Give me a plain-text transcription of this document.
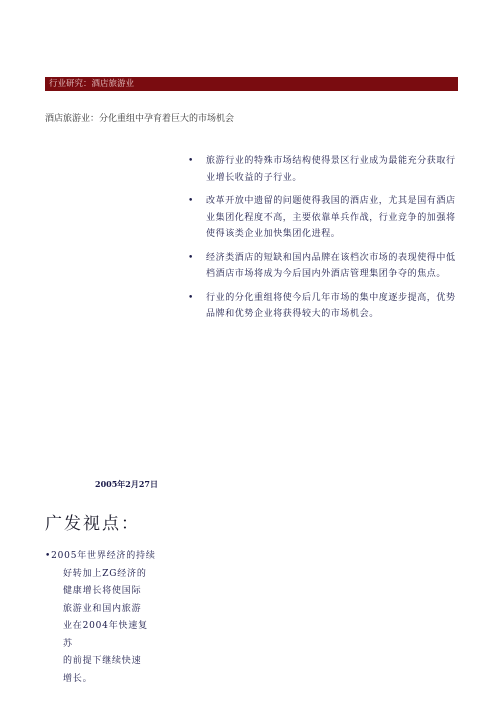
行业研究：酒店旅游业
酒店旅游业：分化重组中孕育着巨大的市场机会
• 旅游行业的特殊市场结构使得景区行业成为最能充分获取行业增长收益的子行业。
• 改革开放中遗留的问题使得我国的酒店业，尤其是国有酒店业集团化程度不高，主要依靠单兵作战，行业竞争的加强将使得该类企业加快集团化进程。
• 经济类酒店的短缺和国内品牌在该档次市场的表现使得中低档酒店市场将成为今后国内外酒店管理集团争夺的焦点。
• 行业的分化重组将使今后几年市场的集中度逐步提高，优势品牌和优势企业将获得较大的市场机会。
2005年2月27日
广发视点：
•2005年世界经济的持续
好转加上ZG经济的
健康增长将使国际
旅游业和国内旅游
业在2004年快速复苏
的前提下继续快速
增长。
